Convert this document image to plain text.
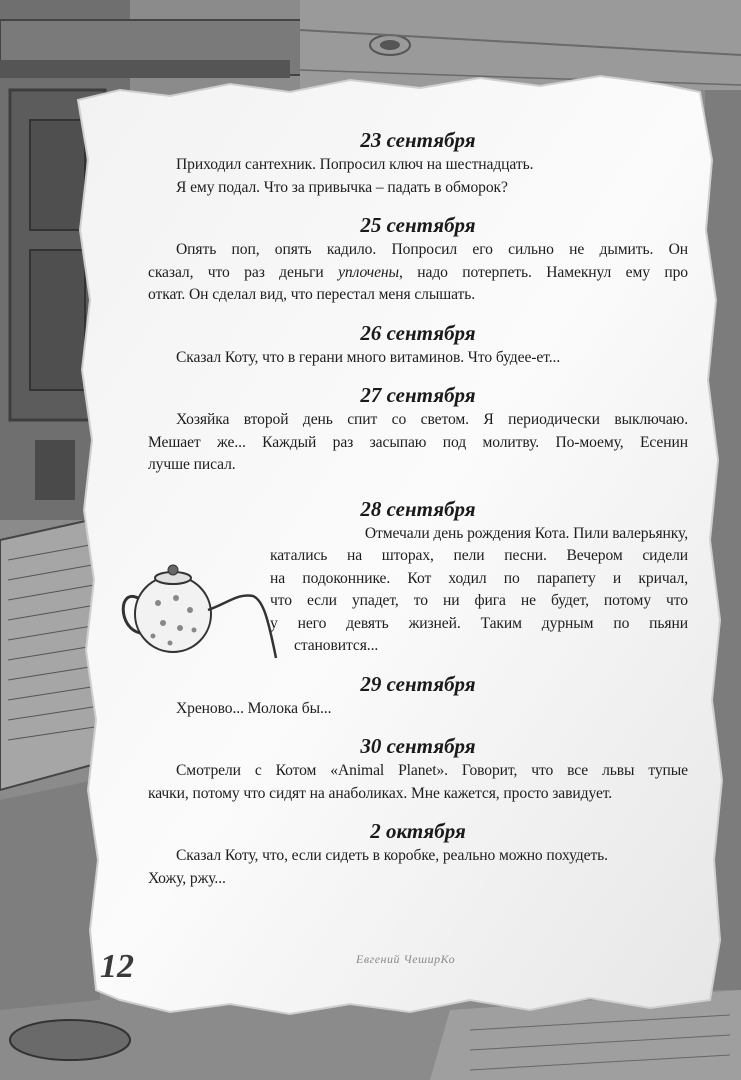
23 сентября
Приходил сантехник. Попросил ключ на шестнадцать.
Я ему подал. Что за привычка – падать в обморок?
25 сентября
Опять поп, опять кадило. Попросил его сильно не дымить. Он
сказал, что раз деньги уплочены, надо потерпеть. Намекнул ему про
откат. Он сделал вид, что перестал меня слышать.
26 сентября
Сказал Коту, что в герани много витаминов. Что будее-ет...
27 сентября
Хозяйка второй день спит со светом. Я периодически выключаю.
Мешает же... Каждый раз засыпаю под молитву. По-моему, Есенин
лучше писал.
28 сентября
Отмечали день рождения Кота. Пили валерьянку,
катались на шторах, пели песни. Вечером сидели
на подоконнике. Кот ходил по парапету и кричал,
что если упадет, то ни фига не будет, потому что
у него девять жизней. Таким дурным по пьяни
становится...
29 сентября
Хреново... Молока бы...
30 сентября
Смотрели с Котом «Animal Planet». Говорит, что все львы тупые
качки, потому что сидят на анаболиках. Мне кажется, просто завидует.
2 октября
Сказал Коту, что, если сидеть в коробке, реально можно похудеть.
Хожу, ржу...
12	Евгений ЧеширКо
